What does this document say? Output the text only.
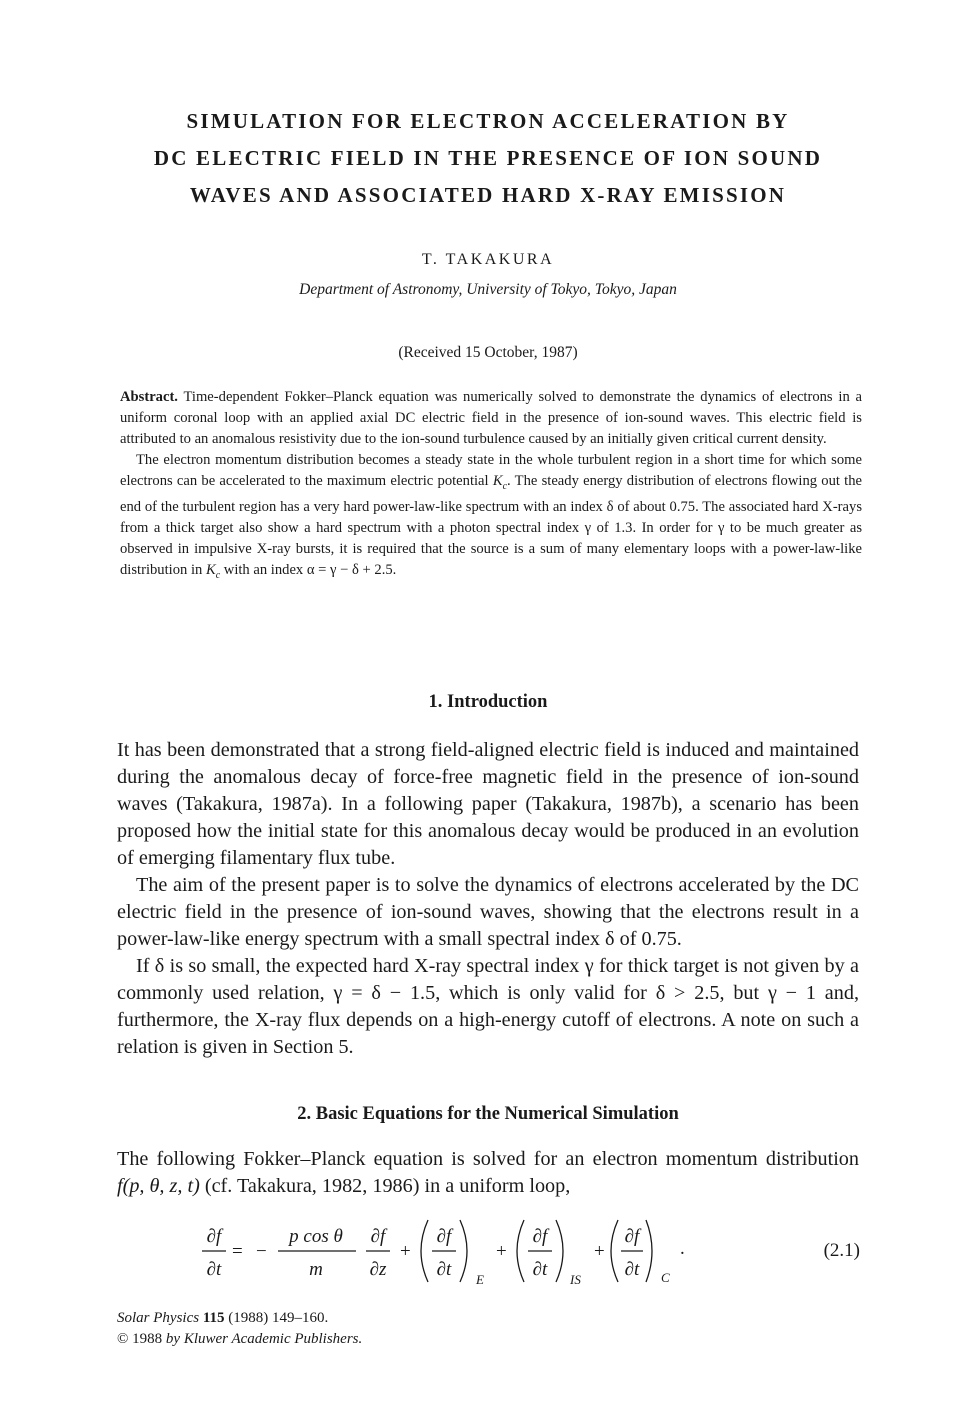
SIMULATION FOR ELECTRON ACCELERATION BY
DC ELECTRIC FIELD IN THE PRESENCE OF ION SOUND
WAVES AND ASSOCIATED HARD X-RAY EMISSION
T. TAKAKURA
Department of Astronomy, University of Tokyo, Tokyo, Japan
(Received 15 October, 1987)

Abstract. Time-dependent Fokker–Planck equation was numerically solved to demonstrate the dynamics of electrons in a uniform coronal loop with an applied axial DC electric field in the presence of ion-sound waves. This electric field is attributed to an anomalous resistivity due to the ion-sound turbulence caused by an initially given critical current density.

The electron momentum distribution becomes a steady state in the whole turbulent region in a short time for which some electrons can be accelerated to the maximum electric potential $K_c$. The steady energy distribution of electrons flowing out the end of the turbulent region has a very hard power-law-like spectrum with an index δ of about 0.75. The associated hard X-rays from a thick target also show a hard spectrum with a photon spectral index γ of 1.3. In order for γ to be much greater as observed in impulsive X-ray bursts, it is required that the source is a sum of many elementary loops with a power-law-like distribution in $K_c$ with an index α = γ − δ + 2.5.

1. Introduction

It has been demonstrated that a strong field-aligned electric field is induced and maintained during the anomalous decay of force-free magnetic field in the presence of ion-sound waves (Takakura, 1987a). In a following paper (Takakura, 1987b), a scenario has been proposed how the initial state for this anomalous decay would be produced in an evolution of emerging filamentary flux tube.

The aim of the present paper is to solve the dynamics of electrons accelerated by the DC electric field in the presence of ion-sound waves, showing that the electrons result in a power-law-like energy spectrum with a small spectral index δ of 0.75.

If δ is so small, the expected hard X-ray spectral index γ for thick target is not given by a commonly used relation, γ = δ − 1.5, which is only valid for δ > 2.5, but γ − 1 and, furthermore, the X-ray flux depends on a high-energy cutoff of electrons. A note on such a relation is given in Section 5.

2. Basic Equations for the Numerical Simulation

The following Fokker–Planck equation is solved for an electron momentum distribution f(p, θ, z, t) (cf. Takakura, 1982, 1986) in a uniform loop,

∂f
∂t
= −
p cos θ
m
∂f
∂z
+
∂f
∂t E
+
∂f
∂t IS
+
∂f
∂t C
.	(2.1)
Solar Physics 115 (1988) 149–160.
© 1988 by Kluwer Academic Publishers.
